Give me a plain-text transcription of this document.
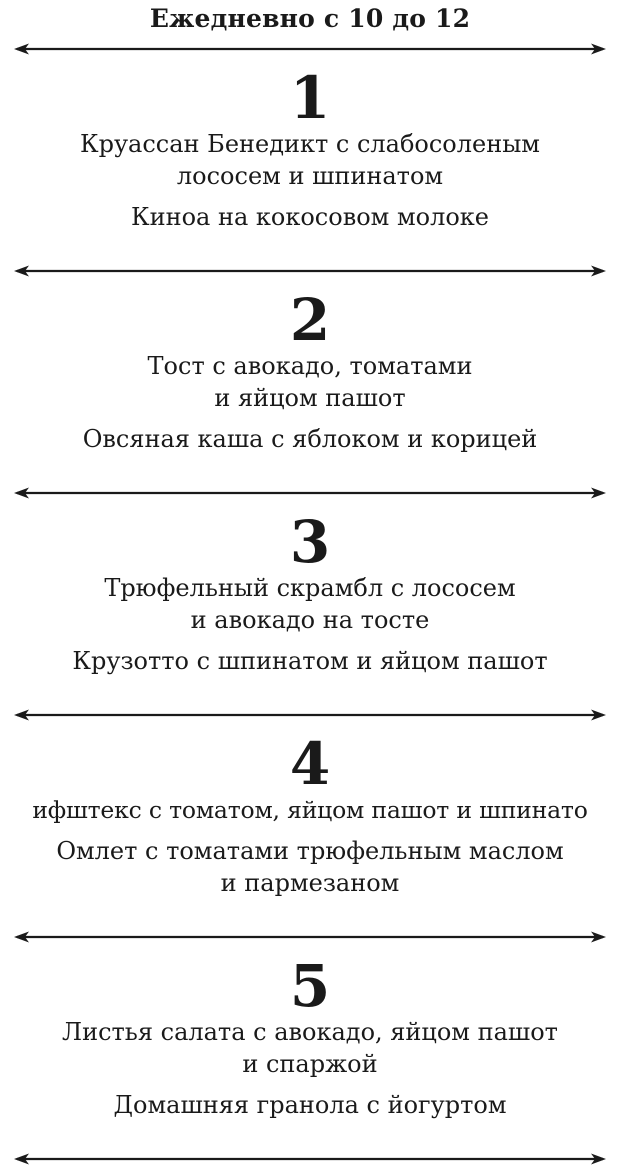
Ежедневно с 10 до 12
1
Круассан Бенедикт с слабосоленым
лососем и шпинатом
Киноа на кокосовом молоке
2
Тост с авокадо, томатами
и яйцом пашот
Овсяная каша с яблоком и корицей
3
Трюфельный скрамбл с лососем
и авокадо на тосте
Крузотто с шпинатом и яйцом пашот
4
ифштекс с томатом, яйцом пашот и шпинато
Омлет с томатами трюфельным маслом
и пармезаном
5
Листья салата с авокадо, яйцом пашот
и спаржой
Домашняя гранола с йогуртом
